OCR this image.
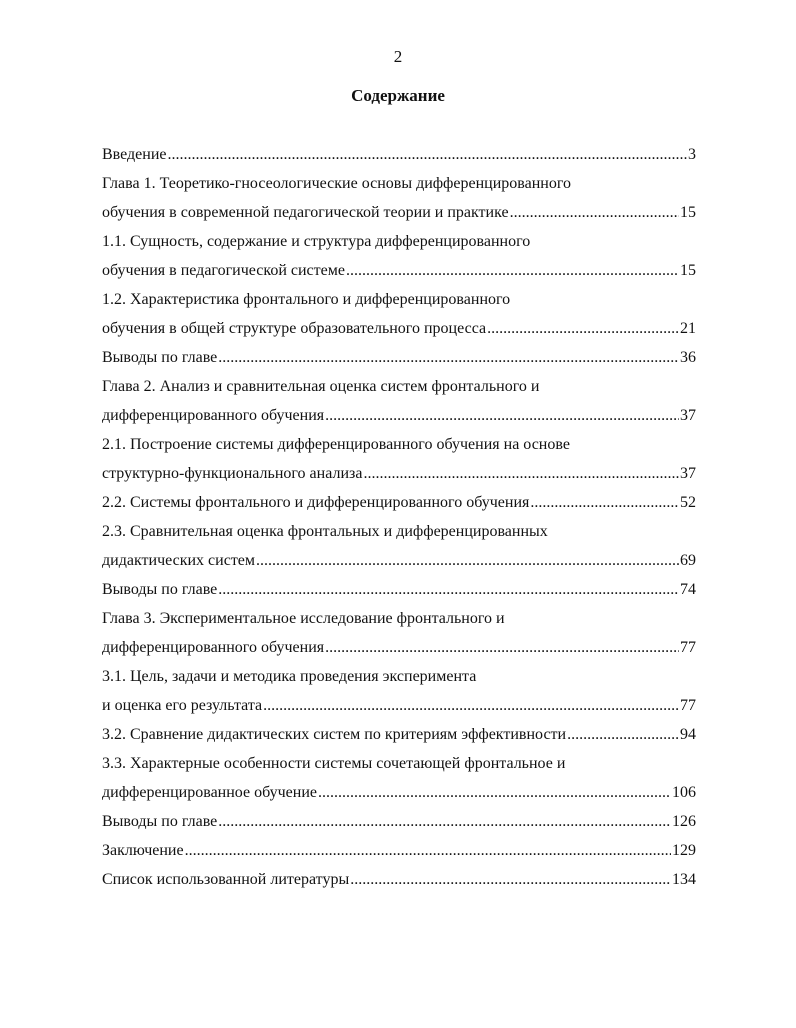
2
Содержание
Введение .....	3
Глава 1. Теоретико-гносеологические основы дифференцированного
обучения в современной педагогической теории и практике .....	15
1.1. Сущность, содержание и структура дифференцированного
обучения в педагогической системе .....	15
1.2. Характеристика фронтального и дифференцированного
обучения в общей структуре образовательного процесса .....	21
Выводы по главе .....	36
Глава 2. Анализ и сравнительная оценка систем фронтального и
дифференцированного обучения .....	37
2.1. Построение системы дифференцированного обучения на основе
структурно-функционального анализа .....	37
2.2. Системы фронтального и дифференцированного обучения .....	52
2.3. Сравнительная оценка фронтальных и дифференцированных
дидактических систем .....	69
Выводы по главе .....	74
Глава 3. Экспериментальное исследование фронтального и
дифференцированного обучения .....	77
3.1. Цель, задачи и методика проведения эксперимента
и оценка его результата .....	77
3.2. Сравнение дидактических систем по критериям эффективности .....	94
3.3. Характерные особенности системы сочетающей фронтальное и
дифференцированное обучение .....	106
Выводы по главе .....	126
Заключение .....	129
Список использованной литературы .....	134
